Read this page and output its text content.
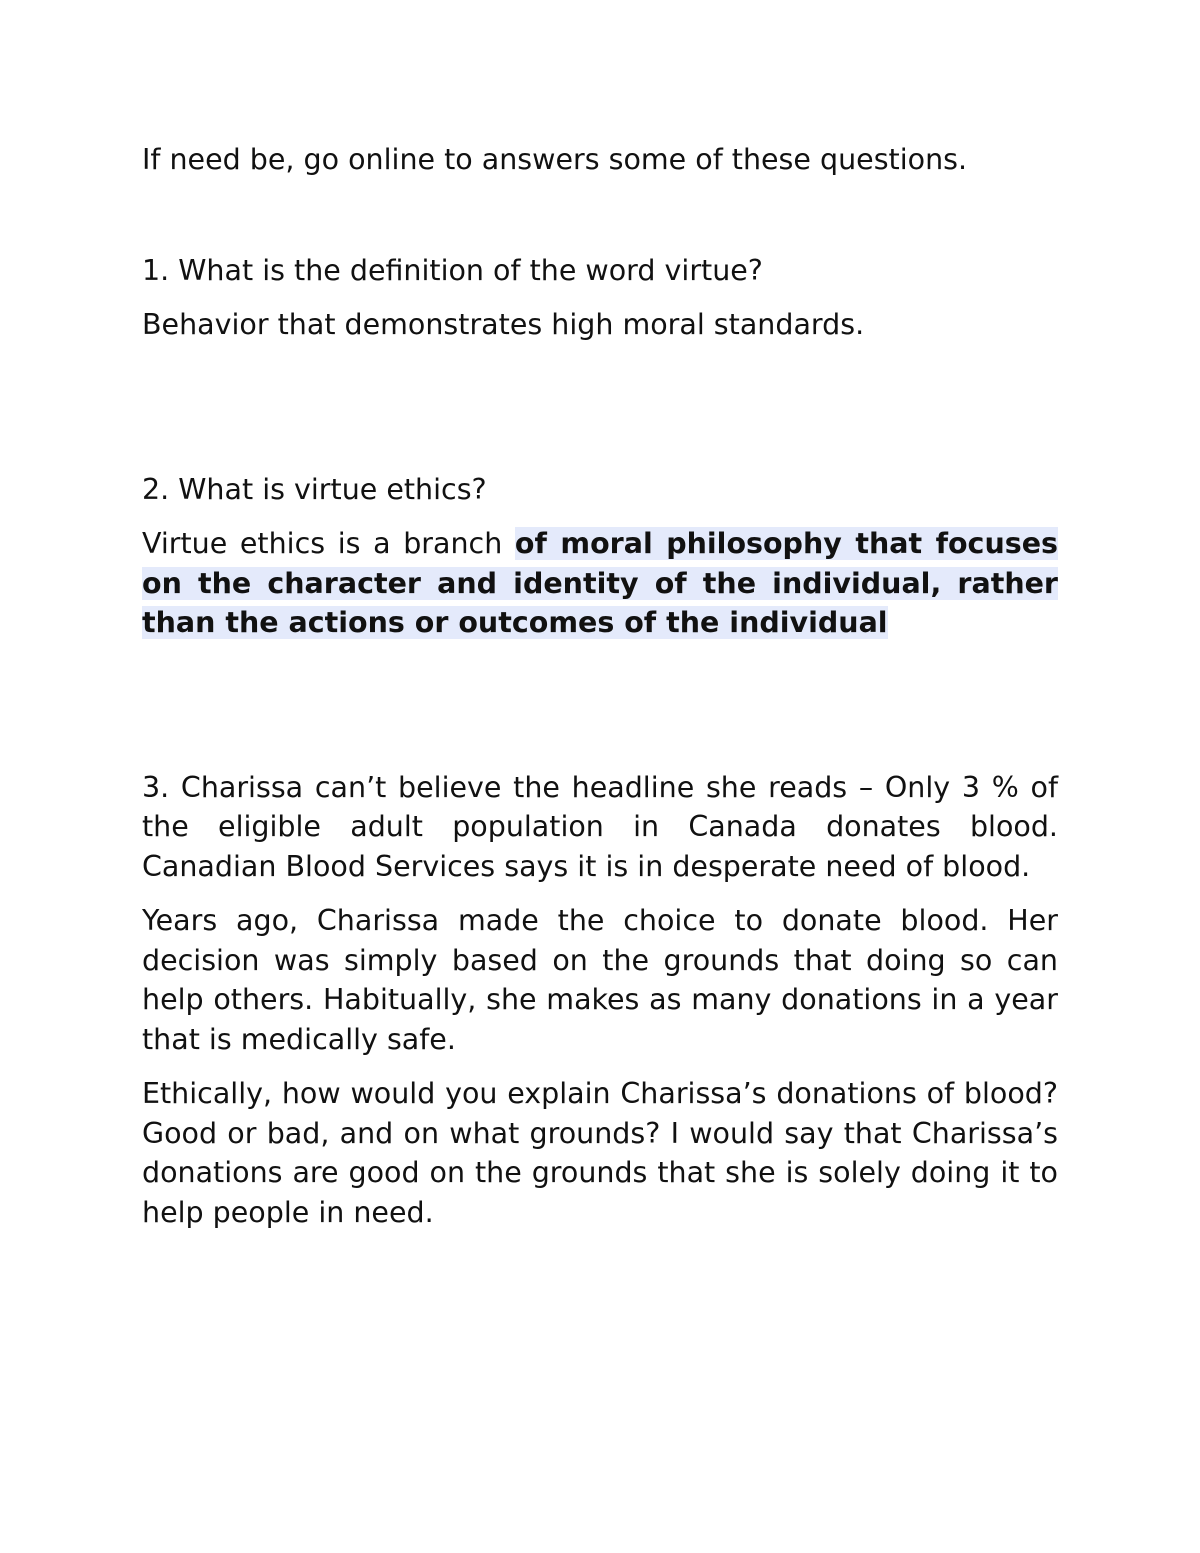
If need be, go online to answers some of these questions.

1. What is the definition of the word virtue?

Behavior that demonstrates high moral standards.

2. What is virtue ethics?

Virtue ethics is a branch of moral philosophy that focuses on the character and identity of the individual, rather than the actions or outcomes of the individual

3. Charissa can’t believe the headline she reads – Only 3 % of the eligible adult population in Canada donates blood. Canadian Blood Services says it is in desperate need of blood.

Years ago, Charissa made the choice to donate blood. Her decision was simply based on the grounds that doing so can help others. Habitually, she makes as many donations in a year that is medically safe.

Ethically, how would you explain Charissa’s donations of blood? Good or bad, and on what grounds? I would say that Charissa’s donations are good on the grounds that she is solely doing it to help people in need.
